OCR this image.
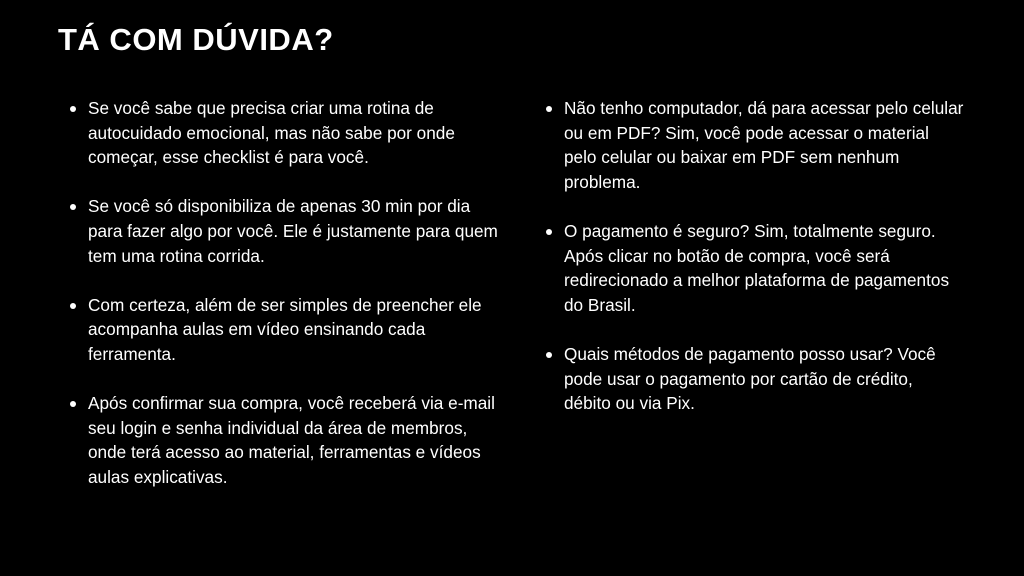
TÁ COM DÚVIDA?
Se você sabe que precisa criar uma rotina de autocuidado emocional, mas não sabe por onde começar, esse checklist é para você.
Se você só disponibiliza de apenas 30 min por dia para fazer algo por você. Ele é justamente para quem tem uma rotina corrida.
Com certeza, além de ser simples de preencher ele acompanha aulas em vídeo ensinando cada ferramenta.
Após confirmar sua compra, você receberá via e-mail seu login e senha individual da área de membros, onde terá acesso ao material, ferramentas e vídeos aulas explicativas.
Não tenho computador, dá para acessar pelo celular ou em PDF? Sim, você pode acessar o material pelo celular ou baixar em PDF sem nenhum problema.
O pagamento é seguro? Sim, totalmente seguro. Após clicar no botão de compra, você será redirecionado a melhor plataforma de pagamentos do Brasil.
Quais métodos de pagamento posso usar? Você pode usar o pagamento por cartão de crédito, débito ou via Pix.
